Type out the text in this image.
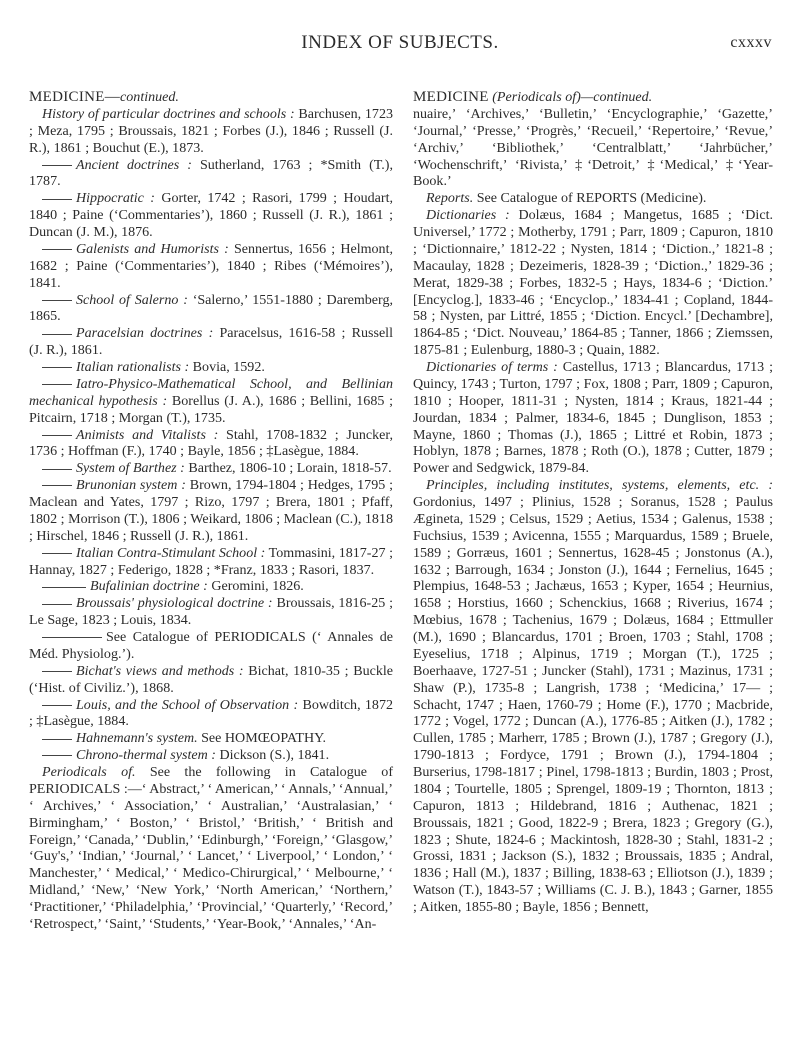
INDEX OF SUBJECTS.	cxxxv

MEDICINE—continued.

History of particular doctrines and schools : Barchusen, 1723 ; Meza, 1795 ; Broussais, 1821 ; Forbes (J.), 1846 ; Russell (J. R.), 1861 ; Bouchut (E.), 1873.

Ancient doctrines : Sutherland, 1763 ; *Smith (T.), 1787.

Hippocratic : Gorter, 1742 ; Rasori, 1799 ; Houdart, 1840 ; Paine (‘Commentaries’), 1860 ; Russell (J. R.), 1861 ; Duncan (J. M.), 1876.

Galenists and Humorists : Sennertus, 1656 ; Helmont, 1682 ; Paine (‘Commentaries’), 1840 ; Ribes (‘Mémoires’), 1841.

School of Salerno : ‘Salerno,’ 1551-1880 ; Daremberg, 1865.

Paracelsian doctrines : Paracelsus, 1616-58 ; Russell (J. R.), 1861.

Italian rationalists : Bovia, 1592.

Iatro-Physico-Mathematical School, and Bellinian mechanical hypothesis : Borellus (J. A.), 1686 ; Bellini, 1685 ; Pitcairn, 1718 ; Morgan (T.), 1735.

Animists and Vitalists : Stahl, 1708-1832 ; Juncker, 1736 ; Hoffman (F.), 1740 ; Bayle, 1856 ; ‡Lasègue, 1884.

System of Barthez : Barthez, 1806-10 ; Lorain, 1818-57.

Brunonian system : Brown, 1794-1804 ; Hedges, 1795 ; Maclean and Yates, 1797 ; Rizo, 1797 ; Brera, 1801 ; Pfaff, 1802 ; Morrison (T.), 1806 ; Weikard, 1806 ; Maclean (C.), 1818 ; Hirschel, 1846 ; Russell (J. R.), 1861.

Italian Contra-Stimulant School : Tommasini, 1817-27 ; Hannay, 1827 ; Federigo, 1828 ; *Franz, 1833 ; Rasori, 1837.

Bufalinian doctrine : Geromini, 1826.

Broussais' physiological doctrine : Broussais, 1816-25 ; Le Sage, 1823 ; Louis, 1834.

See Catalogue of PERIODICALS (‘ Annales de Méd. Physiolog.’).

Bichat's views and methods : Bichat, 1810-35 ; Buckle (‘Hist. of Civiliz.’), 1868.

Louis, and the School of Observation : Bowditch, 1872 ; ‡Lasègue, 1884.

Hahnemann's system. See HOMŒOPATHY.

Chrono-thermal system : Dickson (S.), 1841.

Periodicals of. See the following in Catalogue of PERIODICALS :—‘ Abstract,’ ‘ American,’ ‘ Annals,’ ‘Annual,’ ‘ Archives,’ ‘ Association,’ ‘ Australian,’ ‘Australasian,’ ‘ Birmingham,’ ‘ Boston,’ ‘ Bristol,’ ‘British,’ ‘ British and Foreign,’ ‘Canada,’ ‘Dublin,’ ‘Edinburgh,’ ‘Foreign,’ ‘Glasgow,’ ‘Guy's,’ ‘Indian,’ ‘Journal,’ ‘ Lancet,’ ‘ Liverpool,’ ‘ London,’ ‘ Manchester,’ ‘ Medical,’ ‘ Medico-Chirurgical,’ ‘ Melbourne,’ ‘ Midland,’ ‘New,’ ‘New York,’ ‘North American,’ ‘Northern,’ ‘Practitioner,’ ‘Philadelphia,’ ‘Provincial,’ ‘Quarterly,’ ‘Record,’ ‘Retrospect,’ ‘Saint,’ ‘Students,’ ‘Year-Book,’ ‘Annales,’ ‘An-

MEDICINE (Periodicals of)—continued.

nuaire,’ ‘Archives,’ ‘Bulletin,’ ‘Encyclographie,’ ‘Gazette,’ ‘Journal,’ ‘Presse,’ ‘Progrès,’ ‘Recueil,’ ‘Repertoire,’ ‘Revue,’ ‘Archiv,’ ‘Bibliothek,’ ‘Centralblatt,’ ‘Jahrbücher,’ ‘Wochenschrift,’ ‘Rivista,’ ‡‘Detroit,’ ‡‘Medical,’ ‡‘Year-Book.’

Reports. See Catalogue of REPORTS (Medicine).

Dictionaries : Dolæus, 1684 ; Mangetus, 1685 ; ‘Dict. Universel,’ 1772 ; Motherby, 1791 ; Parr, 1809 ; Capuron, 1810 ; ‘Dictionnaire,’ 1812-22 ; Nysten, 1814 ; ‘Diction.,’ 1821-8 ; Macaulay, 1828 ; Dezeimeris, 1828-39 ; ‘Diction.,’ 1829-36 ; Merat, 1829-38 ; Forbes, 1832-5 ; Hays, 1834-6 ; ‘Diction.’ [Encyclog.], 1833-46 ; ‘Encyclop.,’ 1834-41 ; Copland, 1844-58 ; Nysten, par Littré, 1855 ; ‘Diction. Encycl.’ [Dechambre], 1864-85 ; ‘Dict. Nouveau,’ 1864-85 ; Tanner, 1866 ; Ziemssen, 1875-81 ; Eulenburg, 1880-3 ; Quain, 1882.

Dictionaries of terms : Castellus, 1713 ; Blancardus, 1713 ; Quincy, 1743 ; Turton, 1797 ; Fox, 1808 ; Parr, 1809 ; Capuron, 1810 ; Hooper, 1811-31 ; Nysten, 1814 ; Kraus, 1821-44 ; Jourdan, 1834 ; Palmer, 1834-6, 1845 ; Dunglison, 1853 ; Mayne, 1860 ; Thomas (J.), 1865 ; Littré et Robin, 1873 ; Hoblyn, 1878 ; Barnes, 1878 ; Roth (O.), 1878 ; Cutter, 1879 ; Power and Sedgwick, 1879-84.

Principles, including institutes, systems, elements, etc. : Gordonius, 1497 ; Plinius, 1528 ; Soranus, 1528 ; Paulus Ægineta, 1529 ; Celsus, 1529 ; Aetius, 1534 ; Galenus, 1538 ; Fuchsius, 1539 ; Avicenna, 1555 ; Marquardus, 1589 ; Bruele, 1589 ; Gorræus, 1601 ; Sennertus, 1628-45 ; Jonstonus (A.), 1632 ; Barrough, 1634 ; Jonston (J.), 1644 ; Fernelius, 1645 ; Plempius, 1648-53 ; Jachæus, 1653 ; Kyper, 1654 ; Heurnius, 1658 ; Horstius, 1660 ; Schenckius, 1668 ; Riverius, 1674 ; Mœbius, 1678 ; Tachenius, 1679 ; Dolæus, 1684 ; Ettmuller (M.), 1690 ; Blancardus, 1701 ; Broen, 1703 ; Stahl, 1708 ; Eyeselius, 1718 ; Alpinus, 1719 ; Morgan (T.), 1725 ; Boerhaave, 1727-51 ; Juncker (Stahl), 1731 ; Mazinus, 1731 ; Shaw (P.), 1735-8 ; Langrish, 1738 ; ‘Medicina,’ 17— ; Schacht, 1747 ; Haen, 1760-79 ; Home (F.), 1770 ; Macbride, 1772 ; Vogel, 1772 ; Duncan (A.), 1776-85 ; Aitken (J.), 1782 ; Cullen, 1785 ; Marherr, 1785 ; Brown (J.), 1787 ; Gregory (J.), 1790-1813 ; Fordyce, 1791 ; Brown (J.), 1794-1804 ; Burserius, 1798-1817 ; Pinel, 1798-1813 ; Burdin, 1803 ; Prost, 1804 ; Tourtelle, 1805 ; Sprengel, 1809-19 ; Thornton, 1813 ; Capuron, 1813 ; Hildebrand, 1816 ; Authenac, 1821 ; Broussais, 1821 ; Good, 1822-9 ; Brera, 1823 ; Gregory (G.), 1823 ; Shute, 1824-6 ; Mackintosh, 1828-30 ; Stahl, 1831-2 ; Grossi, 1831 ; Jackson (S.), 1832 ; Broussais, 1835 ; Andral, 1836 ; Hall (M.), 1837 ; Billing, 1838-63 ; Elliotson (J.), 1839 ; Watson (T.), 1843-57 ; Williams (C. J. B.), 1843 ; Garner, 1855 ; Aitken, 1855-80 ; Bayle, 1856 ; Bennett,
